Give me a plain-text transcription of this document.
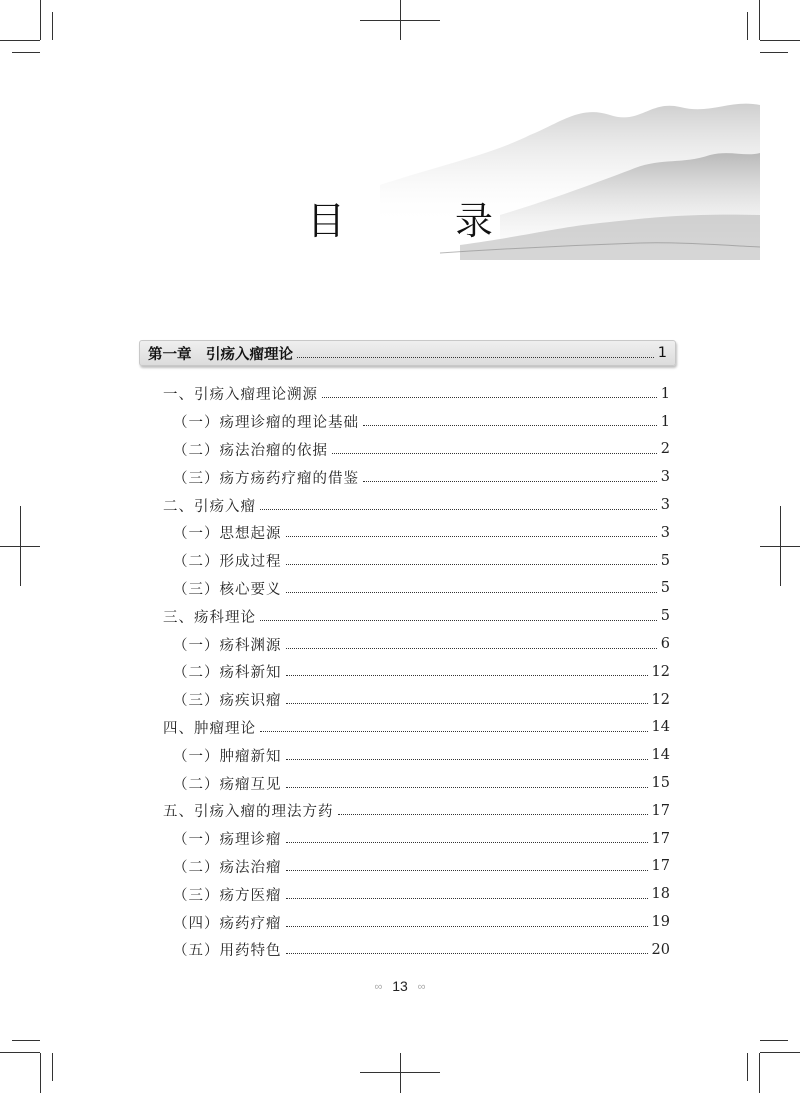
目　录
第一章　引疡入瘤理论	1
一、引疡入瘤理论溯源	1
（一）疡理诊瘤的理论基础	1
（二）疡法治瘤的依据	2
（三）疡方疡药疗瘤的借鉴	3
二、引疡入瘤	3
（一）思想起源	3
（二）形成过程	5
（三）核心要义	5
三、疡科理论	5
（一）疡科渊源	6
（二）疡科新知	12
（三）疡疾识瘤	12
四、肿瘤理论	14
（一）肿瘤新知	14
（二）疡瘤互见	15
五、引疡入瘤的理法方药	17
（一）疡理诊瘤	17
（二）疡法治瘤	17
（三）疡方医瘤	18
（四）疡药疗瘤	19
（五）用药特色	20
∞ 13 ∞
